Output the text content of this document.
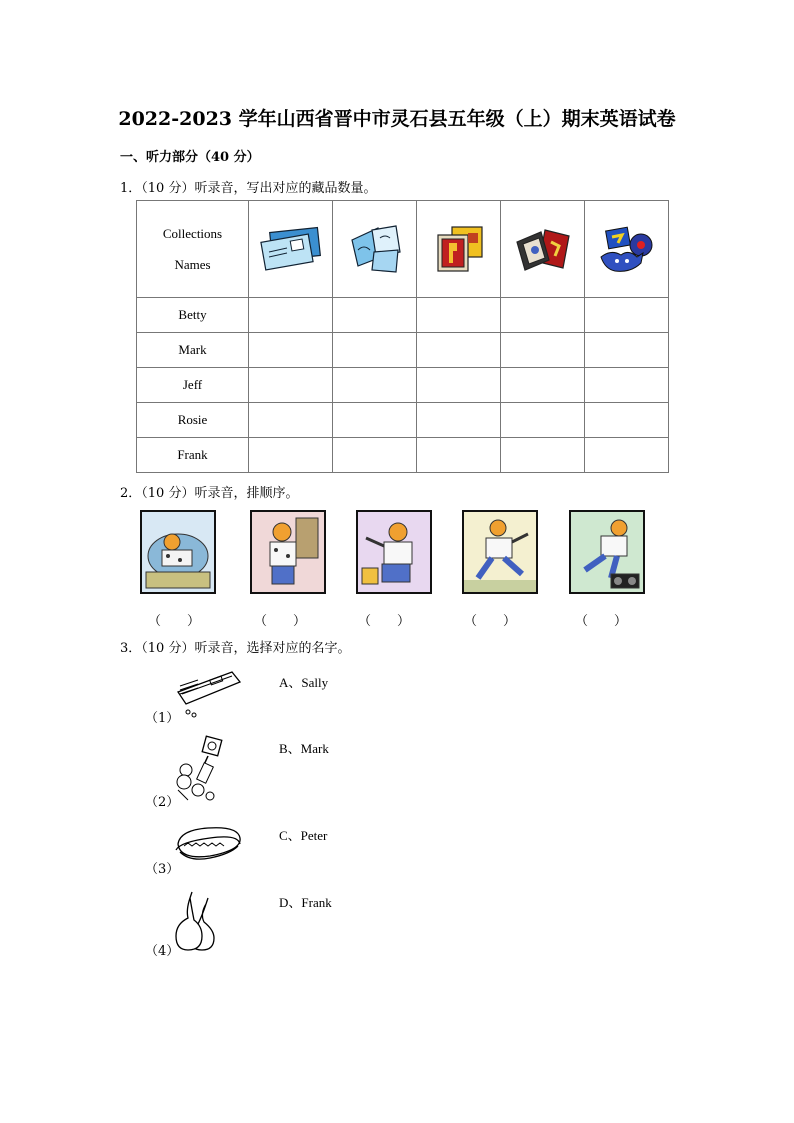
2022-2023 学年山西省晋中市灵石县五年级（上）期末英语试卷
一、听力部分（40 分）
1．（10 分）听录音，写出对应的藏品数量。
Collections
Names

Betty					
Mark					
Jeff					
Rosie					
Frank					
2．（10 分）听录音，排顺序。
（　　）	（　　）	（　　）	（　　）	（　　）
3．（10 分）听录音，选择对应的名字。
A、Sally
B、Mark
C、Peter
D、Frank
（1）
（2）
（3）
（4）
